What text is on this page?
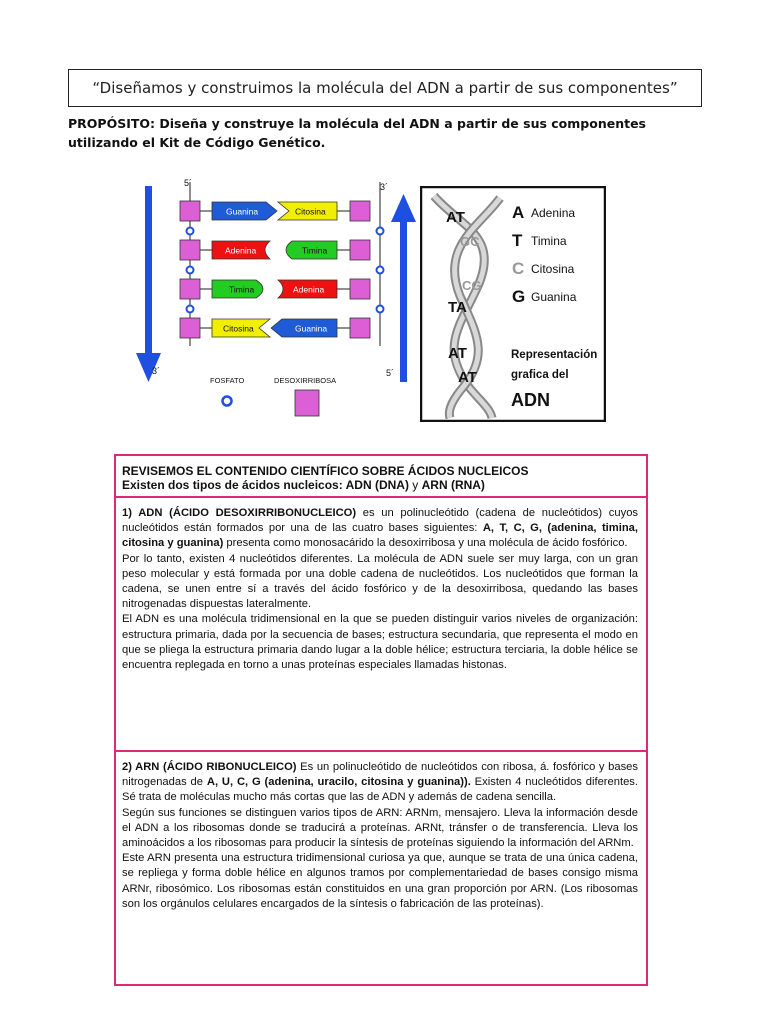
“Diseñamos y construimos la molécula del ADN a partir de sus componentes”
PROPÓSITO: Diseña y construye la molécula del ADN a partir de sus componentes utilizando el Kit de Código Genético.
5´
3´
3´
5´
Guanina	Citosina
Adenina	Timina
Timina	Adenina
Citosina	Guanina
FOSFATO	DESOXIRRIBOSA
AT
GC
CG
TA
AT
AT
A Adenina
T Timina
C Citosina
G Guanina
Representación
grafica del
ADN
REVISEMOS EL CONTENIDO CIENTÍFICO SOBRE ÁCIDOS NUCLEICOS
Existen dos tipos de ácidos nucleicos: ADN (DNA) y ARN (RNA)

1) ADN (ÁCIDO DESOXIRRIBONUCLEICO) es un polinucleótido (cadena de nucleótidos) cuyos nucleótidos están formados por una de las cuatro bases siguientes: A, T, C, G, (adenina, timina, citosina y guanina) presenta como monosacárido la desoxirribosa y una molécula de ácido fosfórico.

Por lo tanto, existen 4 nucleótidos diferentes. La molécula de ADN suele ser muy larga, con un gran peso molecular y está formada por una doble cadena de nucleótidos. Los nucleótidos que forman la cadena, se unen entre sí a través del ácido fosfórico y de la desoxirribosa, quedando las bases nitrogenadas dispuestas lateralmente.

El ADN es una molécula tridimensional en la que se pueden distinguir varios niveles de organización: estructura primaria, dada por la secuencia de bases; estructura secundaria, que representa el modo en que se pliega la estructura primaria dando lugar a la doble hélice; estructura terciaria, la doble hélice se encuentra replegada en torno a unas proteínas especiales llamadas histonas.

2) ARN (ÁCIDO RIBONUCLEICO) Es un polinucleótido de nucleótidos con ribosa, á. fosfórico y bases nitrogenadas de A, U, C, G (adenina, uracilo, citosina y guanina)). Existen 4 nucleótidos diferentes. Sé trata de moléculas mucho más cortas que las de ADN y además de cadena sencilla.

Según sus funciones se distinguen varios tipos de ARN: ARNm, mensajero. Lleva la información desde el ADN a los ribosomas donde se traducirá a proteínas. ARNt, tránsfer o de transferencia. Lleva los aminoácidos a los ribosomas para producir la síntesis de proteínas siguiendo la información del ARNm.

Este ARN presenta una estructura tridimensional curiosa ya que, aunque se trata de una única cadena, se repliega y forma doble hélice en algunos tramos por complementariedad de bases consigo misma ARNr, ribosómico. Los ribosomas están constituidos en una gran proporción por ARN. (Los ribosomas son los orgánulos celulares encargados de la síntesis o fabricación de las proteínas).
